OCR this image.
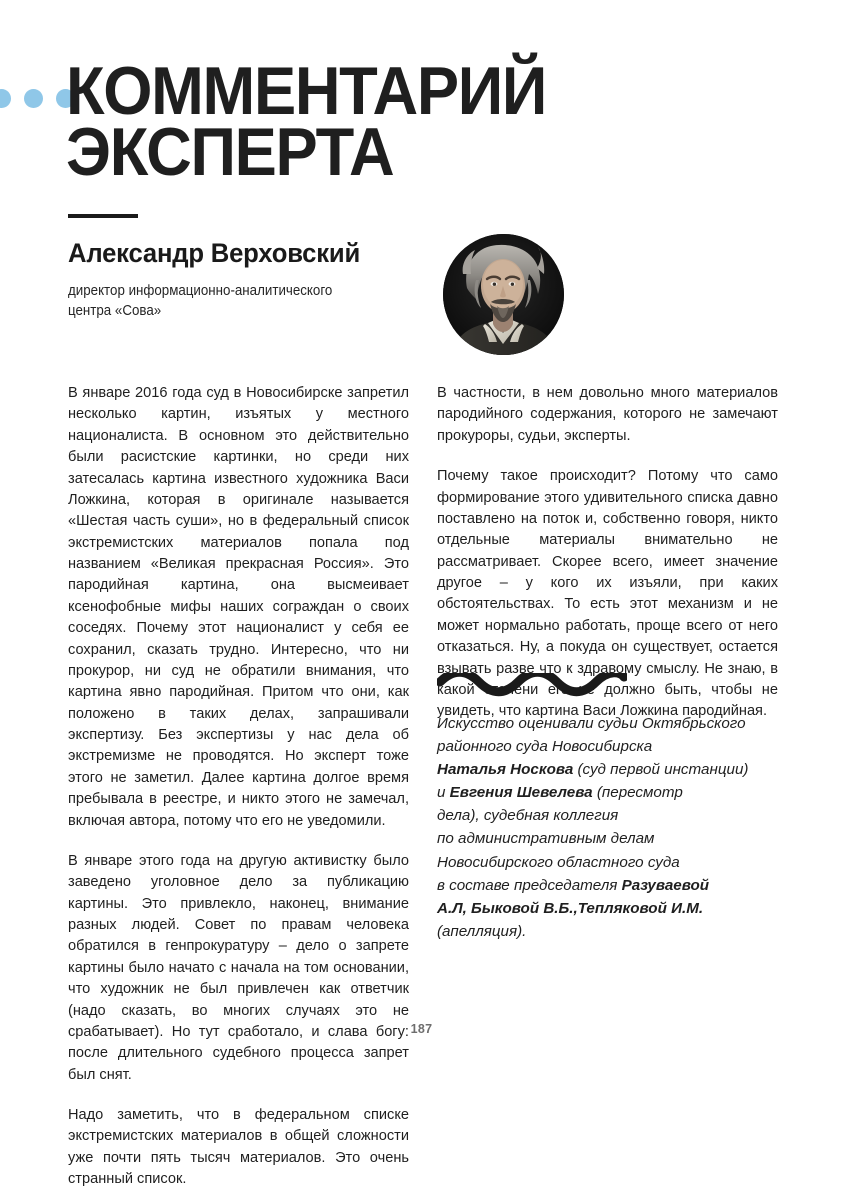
КОММЕНТАРИЙ
ЭКСПЕРТА
Александр Верховский
директор информационно-аналитического
центра «Сова»

В январе 2016 года суд в Новосибирске запретил несколько картин, изъятых у местного националиста. В основном это действительно были расистские картинки, но среди них затесалась картина известного художника Васи Ложкина, которая в оригинале называется «Шестая часть суши», но в федеральный список экстремистских материалов попала под названием «Великая прекрасная Россия». Это пародийная картина, она высмеивает ксенофобные мифы наших сограждан о своих соседях. Почему этот националист у себя ее сохранил, сказать трудно. Интересно, что ни прокурор, ни суд не обратили внимания, что картина явно пародийная. Притом что они, как положено в таких делах, запрашивали экспертизу. Без экспертизы у нас дела об экстремизме не проводятся. Но эксперт тоже этого не заметил. Далее картина долгое время пребывала в реестре, и никто этого не замечал, включая автора, потому что его не уведомили.

В январе этого года на другую активистку было заведено уголовное дело за публикацию картины. Это привлекло, наконец, внимание разных людей. Совет по правам человека обратился в генпрокуратуру – дело о запрете картины было начато с начала на том основании, что художник не был привлечен как ответчик (надо сказать, во многих случаях это не срабатывает). Но тут сработало, и слава богу: после длительного судебного процесса запрет был снят.

Надо заметить, что в федеральном списке экстремистских материалов в общей сложности уже почти пять тысяч материалов. Это очень странный список.

В частности, в нем довольно много материалов пародийного содержания, которого не замечают прокуроры, судьи, эксперты.

Почему такое происходит? Потому что само формирование этого удивительного списка давно поставлено на поток и, собственно говоря, никто отдельные материалы внимательно не рассматривает. Скорее всего, имеет значение другое – у кого их изъяли, при каких обстоятельствах. То есть этот механизм и не может нормально работать, проще всего от него отказаться. Ну, а покуда он существует, остается взывать разве что к здравому смыслу. Не знаю, в какой степени его не должно быть, чтобы не увидеть, что картина Васи Ложкина пародийная.

Искусство оценивали судьи Октябрьского
районного суда Новосибирска
Наталья Носкова (суд первой инстанции)
и Евгения Шевелева (пересмотр
дела), судебная коллегия
по административным делам
Новосибирского областного суда
в составе председателя Разуваевой
А.Л, Быковой В.Б.,Тепляковой И.М.
(апелляция).
187
